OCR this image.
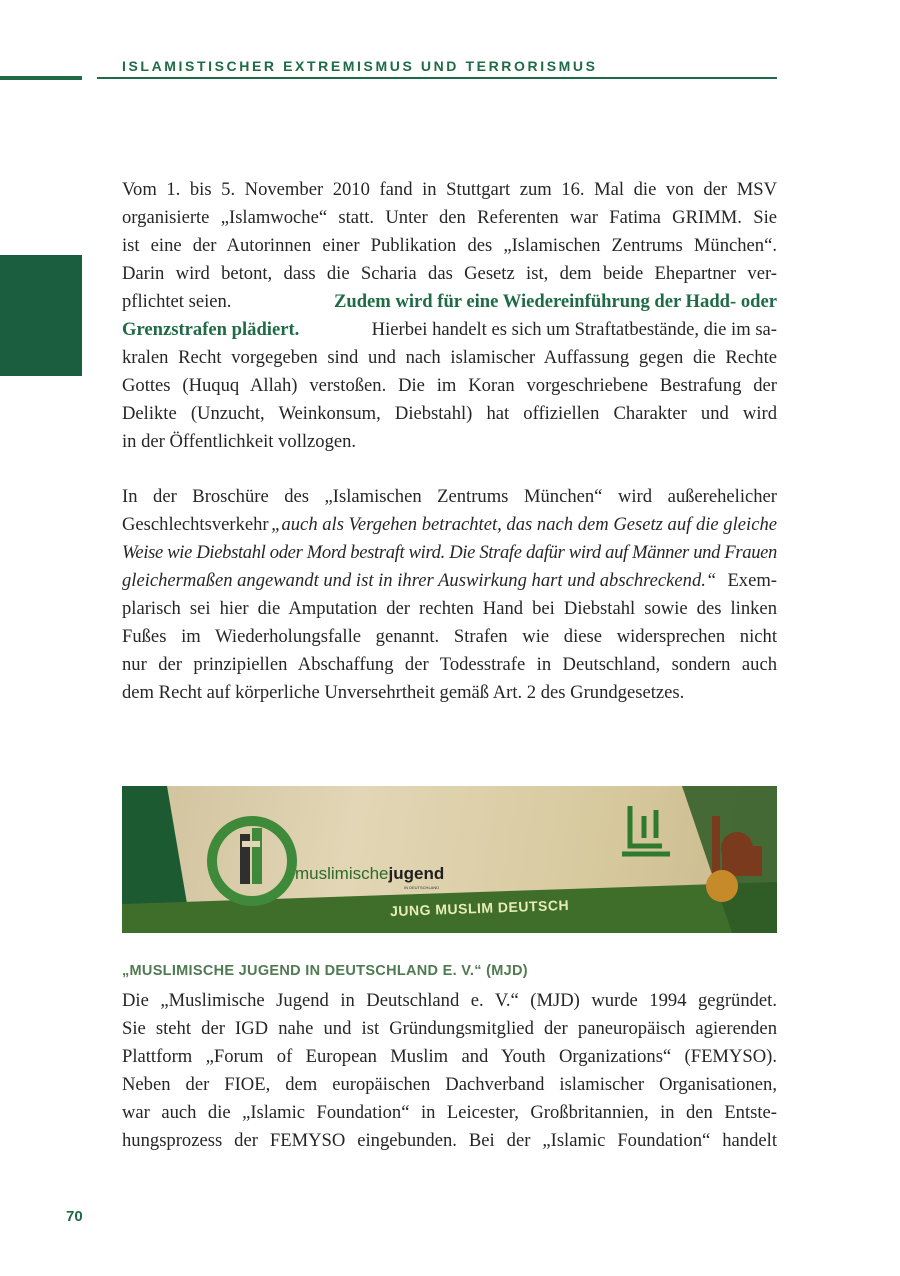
ISLAMISTISCHER EXTREMISMUS UND TERRORISMUS
Vom 1. bis 5. November 2010 fand in Stuttgart zum 16. Mal die von der MSV
organisierte „Islamwoche“ statt. Unter den Referenten war Fatima GRIMM. Sie
ist eine der Autorinnen einer Publikation des „Islamischen Zentrums München“.
Darin wird betont, dass die Scharia das Gesetz ist, dem beide Ehepartner ver-
pflichtet seien.	Zudem wird für eine Wiedereinführung der Hadd- oder
Grenzstrafen plädiert.	Hierbei handelt es sich um Straftatbestände, die im sa-
kralen Recht vorgegeben sind und nach islamischer Auffassung gegen die Rechte
Gottes (Huquq Allah) verstoßen. Die im Koran vorgeschriebene Bestrafung der
Delikte (Unzucht, Weinkonsum, Diebstahl) hat offiziellen Charakter und wird
in der Öffentlichkeit vollzogen.
In der Broschüre des „Islamischen Zentrums München“ wird außerehelicher
Geschlechtsverkehr „auch als Vergehen betrachtet, das nach dem Gesetz auf die gleiche
Weise wie Diebstahl oder Mord bestraft wird. Die Strafe dafür wird auf Männer und Frauen
gleichermaßen angewandt und ist in ihrer Auswirkung hart und abschreckend.“ Exem-
plarisch sei hier die Amputation der rechten Hand bei Diebstahl sowie des linken
Fußes im Wiederholungsfalle genannt. Strafen wie diese widersprechen nicht
nur der prinzipiellen Abschaffung der Todesstrafe in Deutschland, sondern auch
dem Recht auf körperliche Unversehrtheit gemäß Art. 2 des Grundgesetzes.
muslimischejugend
IN DEUTSCHLAND
JUNG MUSLIM DEUTSCH
„MUSLIMISCHE JUGEND IN DEUTSCHLAND E. V.“ (MJD)
Die „Muslimische Jugend in Deutschland e. V.“ (MJD) wurde 1994 gegründet.
Sie steht der IGD nahe und ist Gründungsmitglied der paneuropäisch agierenden
Plattform „Forum of European Muslim and Youth Organizations“ (FEMYSO).
Neben der FIOE, dem europäischen Dachverband islamischer Organisationen,
war auch die „Islamic Foundation“ in Leicester, Großbritannien, in den Entste-
hungsprozess der FEMYSO eingebunden. Bei der „Islamic Foundation“ handelt
70
